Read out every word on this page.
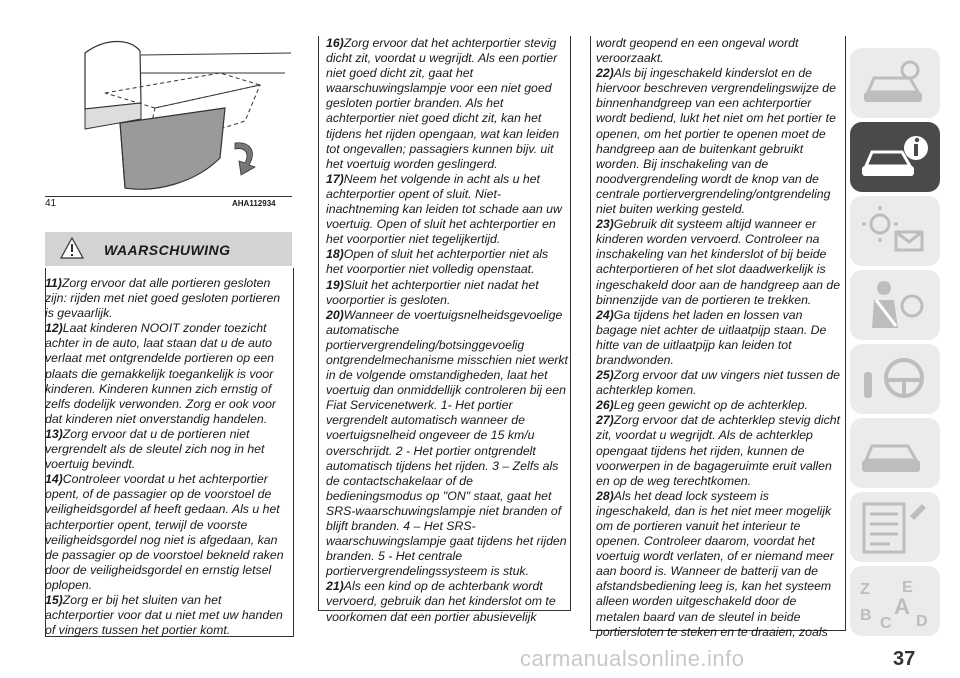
41	AHA112934
WAARSCHUWING

11)Zorg ervoor dat alle portieren gesloten zijn: rijden met niet goed gesloten portieren is gevaarlijk.

12)Laat kinderen NOOIT zonder toezicht achter in de auto, laat staan dat u de auto verlaat met ontgrendelde portieren op een plaats die gemakkelijk toegankelijk is voor kinderen. Kinderen kunnen zich ernstig of zelfs dodelijk verwonden. Zorg er ook voor dat kinderen niet onverstandig handelen.

13)Zorg ervoor dat u de portieren niet vergrendelt als de sleutel zich nog in het voertuig bevindt.

14)Controleer voordat u het achterportier opent, of de passagier op de voorstoel de veiligheidsgordel af heeft gedaan. Als u het achterportier opent, terwijl de voorste veiligheidsgordel nog niet is afgedaan, kan de passagier op de voorstoel bekneld raken door de veiligheidsgordel en ernstig letsel oplopen.

15)Zorg er bij het sluiten van het achterportier voor dat u niet met uw handen of vingers tussen het portier komt.

16)Zorg ervoor dat het achterportier stevig dicht zit, voordat u wegrijdt. Als een portier niet goed dicht zit, gaat het waarschuwingslampje voor een niet goed gesloten portier branden. Als het achterportier niet goed dicht zit, kan het tijdens het rijden opengaan, wat kan leiden tot ongevallen; passagiers kunnen bijv. uit het voertuig worden geslingerd.

17)Neem het volgende in acht als u het achterportier opent of sluit. Niet-inachtneming kan leiden tot schade aan uw voertuig. Open of sluit het achterportier en het voorportier niet tegelijkertijd.

18)Open of sluit het achterportier niet als het voorportier niet volledig openstaat.

19)Sluit het achterportier niet nadat het voorportier is gesloten.

20)Wanneer de voertuigsnelheidsgevoelige automatische portiervergrendeling/botsinggevoelig ontgrendelmechanisme misschien niet werkt in de volgende omstandigheden, laat het voertuig dan onmiddellijk controleren bij een Fiat Servicenetwerk. 1- Het portier vergrendelt automatisch wanneer de voertuigsnelheid ongeveer de 15 km/u overschrijdt. 2 - Het portier ontgrendelt automatisch tijdens het rijden. 3 – Zelfs als de contactschakelaar of de bedieningsmodus op "ON" staat, gaat het SRS-waarschuwingslampje niet branden of blijft branden. 4 – Het SRS-waarschuwingslampje gaat tijdens het rijden branden. 5 - Het centrale portiervergrendelingssysteem is stuk.

21)Als een kind op de achterbank wordt vervoerd, gebruik dan het kinderslot om te voorkomen dat een portier abusievelijk

wordt geopend en een ongeval wordt veroorzaakt.

22)Als bij ingeschakeld kinderslot en de hiervoor beschreven vergrendelingswijze de binnenhandgreep van een achterportier wordt bediend, lukt het niet om het portier te openen, om het portier te openen moet de handgreep aan de buitenkant gebruikt worden. Bij inschakeling van de noodvergrendeling wordt de knop van de centrale portiervergrendeling/ontgrendeling niet buiten werking gesteld.

23)Gebruik dit systeem altijd wanneer er kinderen worden vervoerd. Controleer na inschakeling van het kinderslot of bij beide achterportieren of het slot daadwerkelijk is ingeschakeld door aan de handgreep aan de binnenzijde van de portieren te trekken.

24)Ga tijdens het laden en lossen van bagage niet achter de uitlaatpijp staan. De hitte van de uitlaatpijp kan leiden tot brandwonden.

25)Zorg ervoor dat uw vingers niet tussen de achterklep komen.

26)Leg geen gewicht op de achterklep.

27)Zorg ervoor dat de achterklep stevig dicht zit, voordat u wegrijdt. Als de achterklep opengaat tijdens het rijden, kunnen de voorwerpen in de bagageruimte eruit vallen en op de weg terechtkomen.

28)Als het dead lock systeem is ingeschakeld, dan is het niet meer mogelijk om de portieren vanuit het interieur te openen. Controleer daarom, voordat het voertuig wordt verlaten, of er niemand meer aan boord is. Wanneer de batterij van de afstandsbediening leeg is, kan het systeem alleen worden uitgeschakeld door de metalen baard van de sleutel in beide portiersloten te steken en te draaien, zoals

Z E
B C
A
D
carmanualsonline.info	37
